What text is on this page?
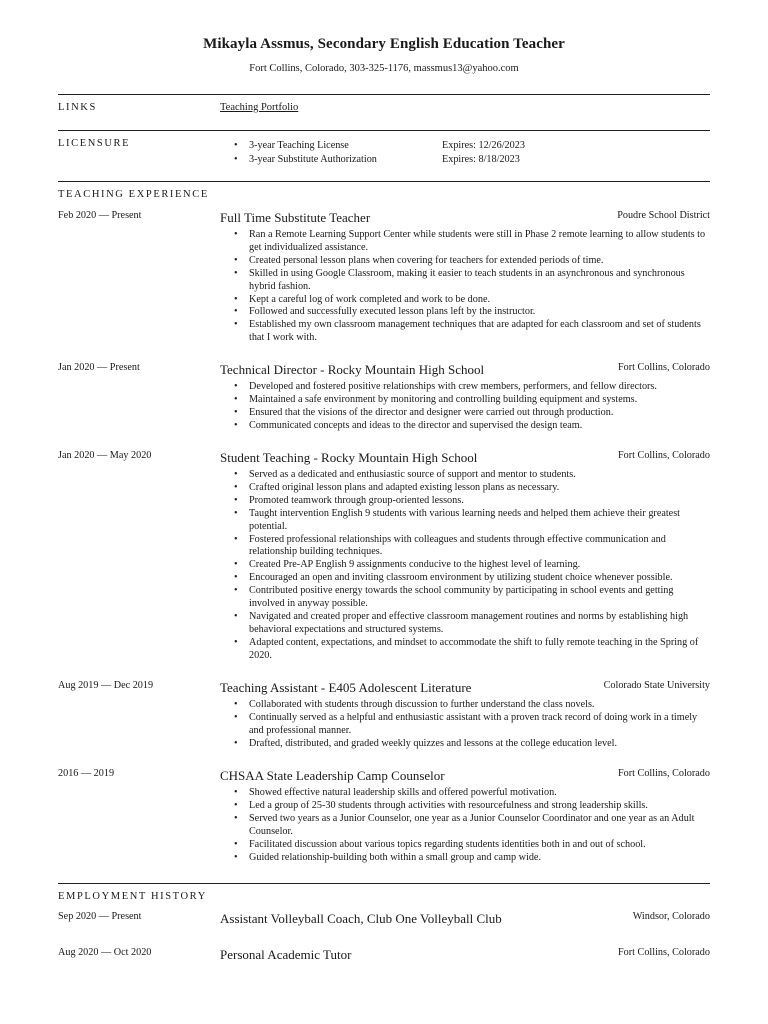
Mikayla Assmus, Secondary English Education Teacher
Fort Collins, Colorado, 303-325-1176, massmus13@yahoo.com
LINKS	Teaching Portfolio
LICENSURE
•	3-year Teaching License
• 3-year Substitute Authorization
Expires: 12/26/2023
Expires: 8/18/2023
TEACHING EXPERIENCE
Feb 2020 — Present	Full Time Substitute Teacher	Poudre School District
• Ran a Remote Learning Support Center while students were still in Phase 2 remote learning to allow students to get individualized assistance.
• Created personal lesson plans when covering for teachers for extended periods of time.
• Skilled in using Google Classroom, making it easier to teach students in an asynchronous and synchronous hybrid fashion.
• Kept a careful log of work completed and work to be done.
• Followed and successfully executed lesson plans left by the instructor.
• Established my own classroom management techniques that are adapted for each classroom and set of students that I work with.
Jan 2020 — Present	Technical Director - Rocky Mountain High School	Fort Collins, Colorado
• Developed and fostered positive relationships with crew members, performers, and fellow directors.
• Maintained a safe environment by monitoring and controlling building equipment and systems.
• Ensured that the visions of the director and designer were carried out through production.
• Communicated concepts and ideas to the director and supervised the design team.
Jan 2020 — May 2020	Student Teaching - Rocky Mountain High School	Fort Collins, Colorado
• Served as a dedicated and enthusiastic source of support and mentor to students.
• Crafted original lesson plans and adapted existing lesson plans as necessary.
• Promoted teamwork through group-oriented lessons.
• Taught intervention English 9 students with various learning needs and helped them achieve their greatest potential.
• Fostered professional relationships with colleagues and students through effective communication and relationship building techniques.
• Created Pre-AP English 9 assignments conducive to the highest level of learning.
• Encouraged an open and inviting classroom environment by utilizing student choice whenever possible.
• Contributed positive energy towards the school community by participating in school events and getting involved in anyway possible.
• Navigated and created proper and effective classroom management routines and norms by establishing high behavioral expectations and structured systems.
• Adapted content, expectations, and mindset to accommodate the shift to fully remote teaching in the Spring of 2020.
Aug 2019 — Dec 2019	Teaching Assistant - E405 Adolescent Literature	Colorado State University
• Collaborated with students through discussion to further understand the class novels.
• Continually served as a helpful and enthusiastic assistant with a proven track record of doing work in a timely and professional manner.
• Drafted, distributed, and graded weekly quizzes and lessons at the college education level.
2016 — 2019	CHSAA State Leadership Camp Counselor	Fort Collins, Colorado
• Showed effective natural leadership skills and offered powerful motivation.
• Led a group of 25-30 students through activities with resourcefulness and strong leadership skills.
• Served two years as a Junior Counselor, one year as a Junior Counselor Coordinator and one year as an Adult Counselor.
• Facilitated discussion about various topics regarding students identities both in and out of school.
• Guided relationship-building both within a small group and camp wide.
EMPLOYMENT HISTORY
Sep 2020 — Present	Assistant Volleyball Coach, Club One Volleyball Club	Windsor, Colorado
Aug 2020 — Oct 2020	Personal Academic Tutor	Fort Collins, Colorado
